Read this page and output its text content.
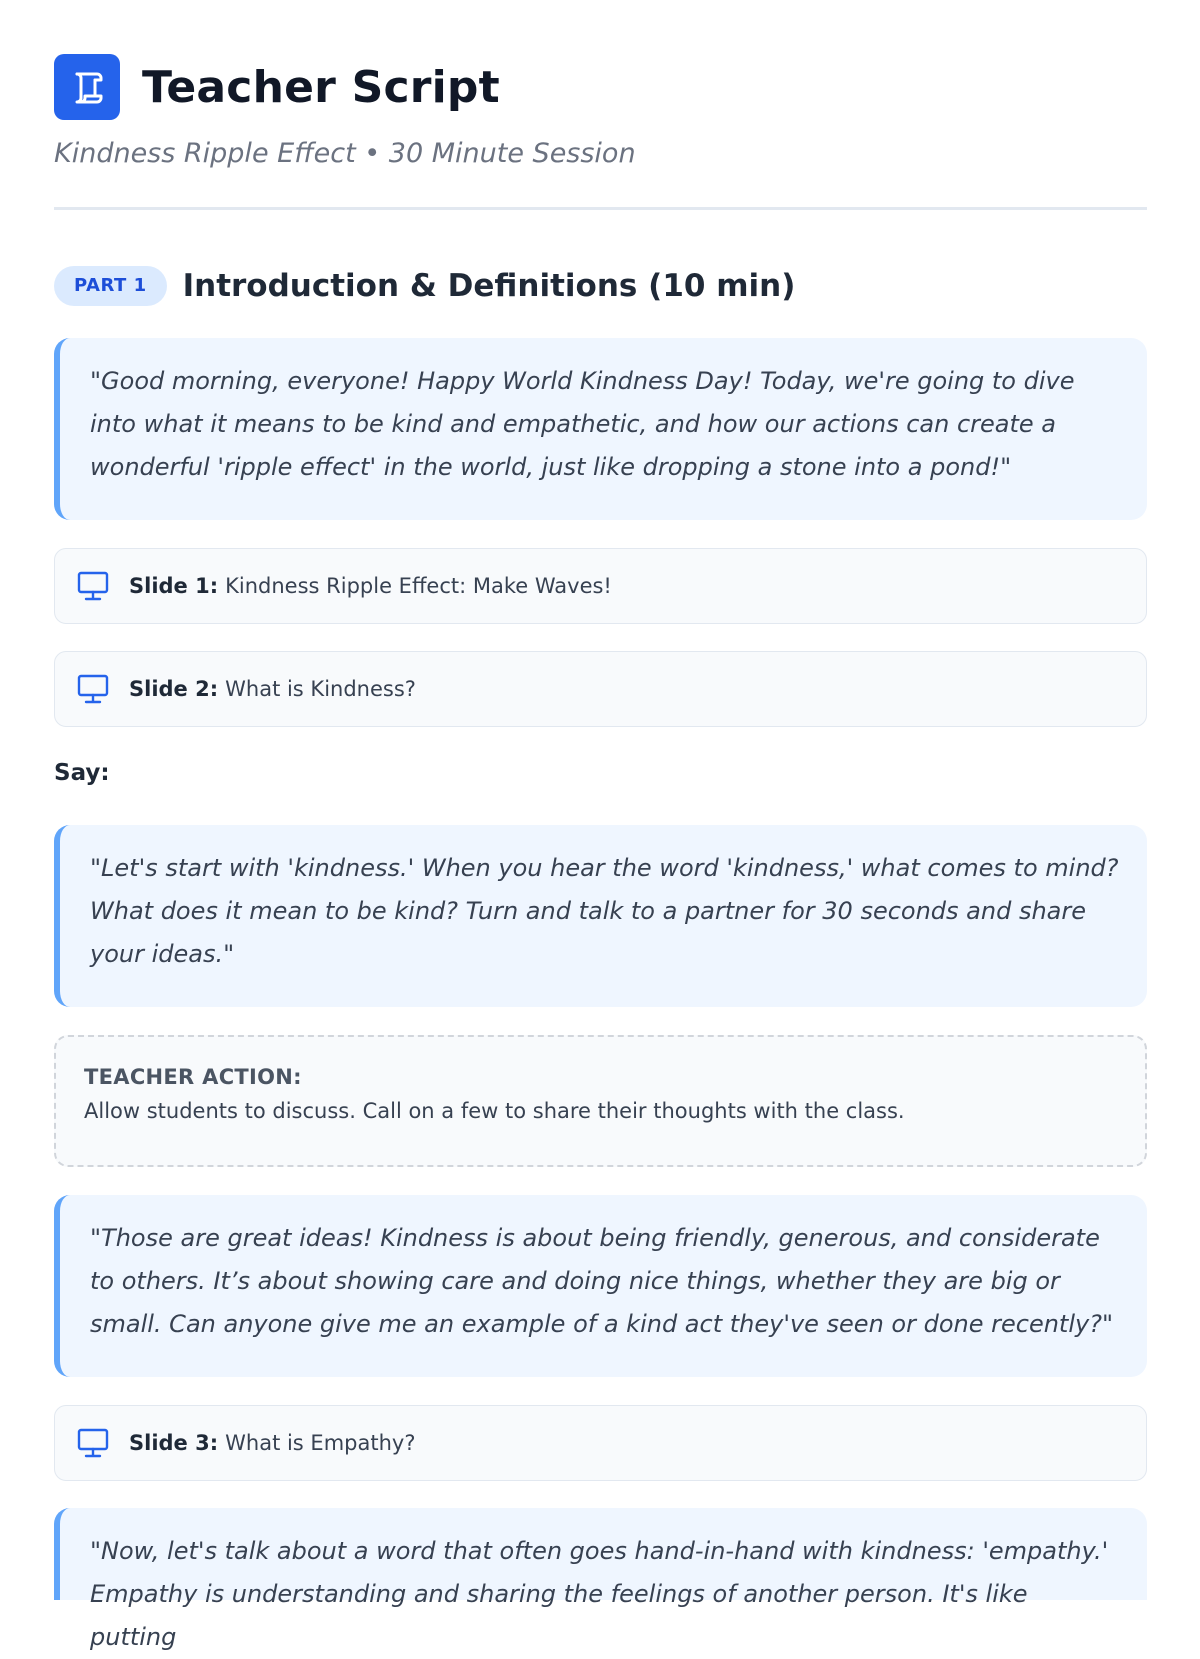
Teacher Script
Kindness Ripple Effect • 30 Minute Session
PART 1	Introduction & Definitions (10 min)
"Good morning, everyone! Happy World Kindness Day! Today, we're going to dive into what it means to be kind and empathetic, and how our actions can create a wonderful 'ripple effect' in the world, just like dropping a stone into a pond!"
Slide 1: Kindness Ripple Effect: Make Waves!
Slide 2: What is Kindness?
Say:
"Let's start with 'kindness.' When you hear the word 'kindness,' what comes to mind? What does it mean to be kind? Turn and talk to a partner for 30 seconds and share your ideas."
TEACHER ACTION:
Allow students to discuss. Call on a few to share their thoughts with the class.
"Those are great ideas! Kindness is about being friendly, generous, and considerate to others. It’s about showing care and doing nice things, whether they are big or small. Can anyone give me an example of a kind act they've seen or done recently?"
Slide 3: What is Empathy?
"Now, let's talk about a word that often goes hand-in-hand with kindness: 'empathy.' Empathy is understanding and sharing the feelings of another person. It's like putting
